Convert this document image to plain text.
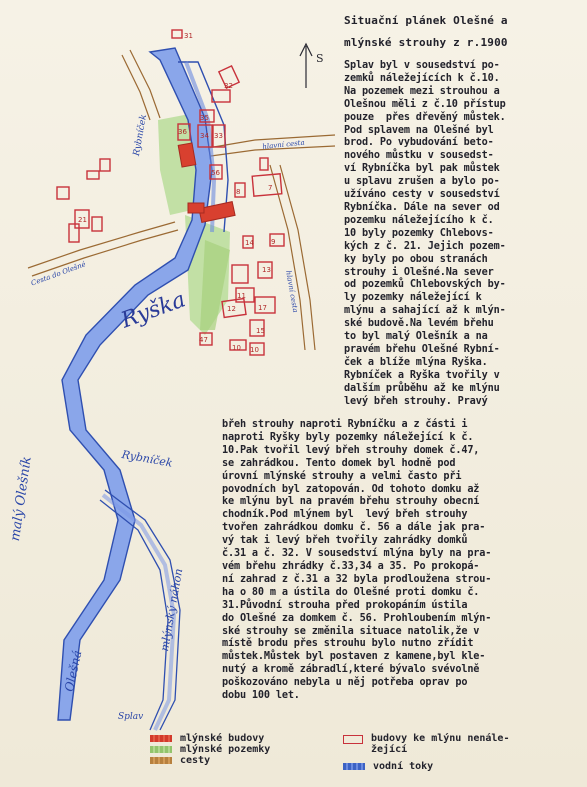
S
31
32
35
34 33
36
7
8
21
13
15
10 10
47
17
56
9
11
12
14
Rybníček
Ryška
Rybníček
malý Olešník
Olešná
mlýnský náhon
Splav
Cesta do Olešné	hlavní cesta
hlavní cesta
Situační plánek Olešné a
mlýnské strouhy z r.1900
Splav byl v sousedství po-
zemků náležejících k č.10.
Na pozemek mezi strouhou a
Olešnou měli z č.10 přístup
pouze  přes dřevěný můstek.
Pod splavem na Olešné byl
brod. Po vybudování beto-
nového můstku v sousedst-
ví Rybníčka byl pak můstek
u splavu zrušen a bylo po-
užíváno cesty v sousedství
Rybníčka. Dále na sever od
pozemku náležejícího k č.
10 byly pozemky Chlebovs-
kých z č. 21. Jejich pozem-
ky byly po obou stranách
strouhy i Olešné.Na sever
od pozemků Chlebovských by-
ly pozemky náležející k
mlýnu a sahající až k mlýn-
ské budově.Na levém břehu
to byl malý Olešník a na
pravém břehu Olešné Rybní-
ček a blíže mlýna Ryška.
Rybníček a Ryška tvořily v
dalším průběhu až ke mlýnu
levý břeh strouhy. Pravý
břeh strouhy naproti Rybníčku a z části i
naproti Ryšky byly pozemky náležející k č.
10.Pak tvořil levý břeh strouhy domek č.47,
se zahrádkou. Tento domek byl hodně pod
úrovní mlýnské strouhy a velmi často při
povodních byl zatopován. Od tohoto domku až
ke mlýnu byl na pravém břehu strouhy obecní
chodník.Pod mlýnem byl  levý břeh strouhy
tvořen zahrádkou domku č. 56 a dále jak pra-
vý tak i levý břeh tvořily zahrádky domků
č.31 a č. 32. V sousedství mlýna byly na pra-
vém břehu zhrádky č.33,34 a 35. Po prokopá-
ní zahrad z č.31 a 32 byla prodloužena strou-
ha o 80 m a ústila do Olešné proti domku č.
31.Původní strouha před prokopáním ústila
do Olešné za domkem č. 56. Prohloubením mlýn-
ské strouhy se změnila situace natolik,že v
místě brodu přes strouhu bylo nutno zřídit
můstek.Můstek byl postaven z kamene,byl kle-
nutý a kromě zábradlí,které bývalo svévolně
poškozováno nebyla u něj potřeba oprav po
dobu 100 let.
mlýnské budovy
mlýnské pozemky
cesty
budovy ke mlýnu nenále-
žející
vodní toky
